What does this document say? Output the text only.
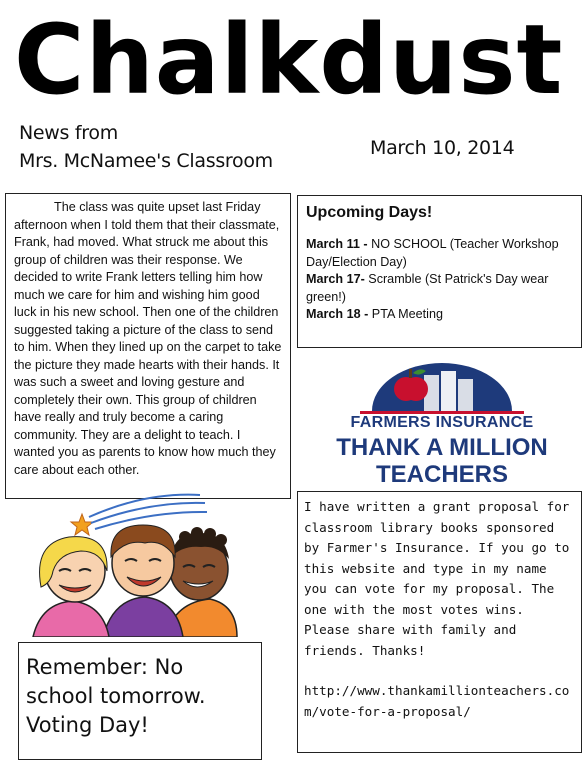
Chalkdust
News from
Mrs. McNamee's Classroom
March 10, 2014

The class was quite upset last Friday afternoon when I told them that their classmate, Frank, had moved. What struck me about this group of children was their response. We decided to write Frank letters telling him how much we care for him and wishing him good luck in his new school. Then one of the children suggested taking a picture of the class to send to him. When they lined up on the carpet to take the picture they made hearts with their hands. It was such a sweet and loving gesture and completely their own. This group of children have really and truly become a caring community. They are a delight to teach. I wanted you as parents to know how much they care about each other.

Upcoming Days!

March 11 - NO SCHOOL (Teacher Workshop Day/Election Day)

March 17- Scramble (St Patrick's Day wear green!)

March 18 - PTA Meeting

FARMERS INSURANCE
THANK A MILLION
TEACHERS

I have written a grant proposal for classroom library books sponsored by Farmer's Insurance. If you go to this website and type in my name you can vote for my proposal. The one with the most votes wins. Please share with family and friends. Thanks!

http://www.thankamillionteachers.com/vote-for-a-proposal/

Remember: No

school tomorrow.

Voting Day!
